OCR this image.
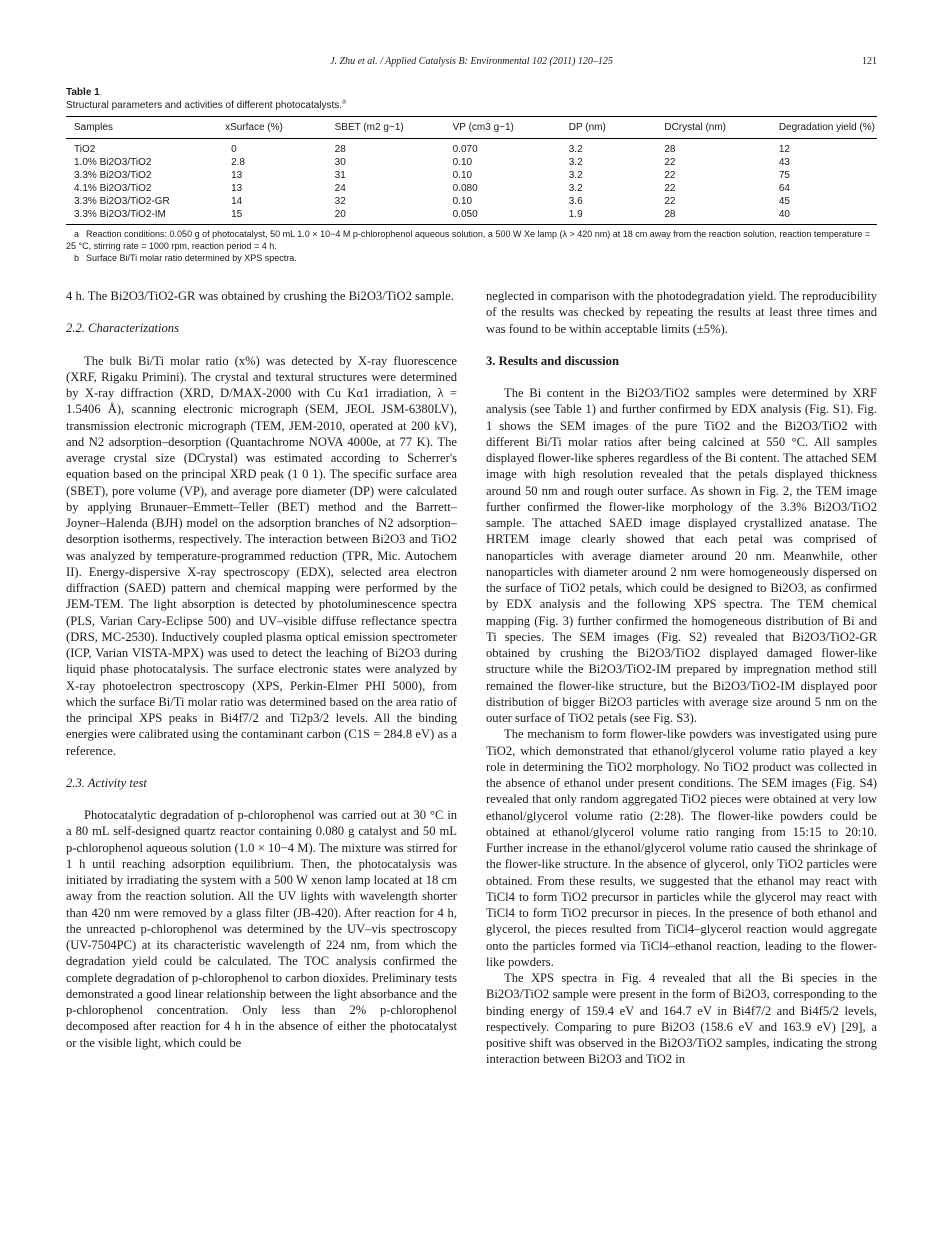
J. Zhu et al. / Applied Catalysis B: Environmental 102 (2011) 120–125	121
Table 1
Structural parameters and activities of different photocatalysts.$^a$
Samples	xSurface (%)	SBET (m2 g−1)	VP (cm3 g−1)	DP (nm)	DCrystal (nm)	Degradation yield (%)
TiO2	0	28	0.070	3.2	28	12
1.0% Bi2O3/TiO2	2.8	30	0.10	3.2	22	43
3.3% Bi2O3/TiO2	13	31	0.10	3.2	22	75
4.1% Bi2O3/TiO2	13	24	0.080	3.2	22	64
3.3% Bi2O3/TiO2-GR	14	32	0.10	3.6	22	45
3.3% Bi2O3/TiO2-IM	15	20	0.050	1.9	28	40

a Reaction conditions: 0.050 g of photocatalyst, 50 mL 1.0 × 10−4 M p-chlorophenol aqueous solution, a 500 W Xe lamp (λ > 420 nm) at 18 cm away from the reaction solution, reaction temperature = 25 °C, stirring rate = 1000 rpm, reaction period = 4 h.

b Surface Bi/Ti molar ratio determined by XPS spectra.

4 h. The Bi2O3/TiO2-GR was obtained by crushing the Bi2O3/TiO2 sample.

2.2. Characterizations

The bulk Bi/Ti molar ratio (x%) was detected by X-ray fluorescence (XRF, Rigaku Primini). The crystal and textural structures were determined by X-ray diffraction (XRD, D/MAX-2000 with Cu Kα1 irradiation, λ = 1.5406 Å), scanning electronic micrograph (SEM, JEOL JSM-6380LV), transmission electronic micrograph (TEM, JEM-2010, operated at 200 kV), and N2 adsorption–desorption (Quantachrome NOVA 4000e, at 77 K). The average crystal size (DCrystal) was estimated according to Scherrer's equation based on the principal XRD peak (1 0 1). The specific surface area (SBET), pore volume (VP), and average pore diameter (DP) were calculated by applying Brunauer–Emmett–Teller (BET) method and the Barrett–Joyner–Halenda (BJH) model on the adsorption branches of N2 adsorption–desorption isotherms, respectively. The interaction between Bi2O3 and TiO2 was analyzed by temperature-programmed reduction (TPR, Mic. Autochem II). Energy-dispersive X-ray spectroscopy (EDX), selected area electron diffraction (SAED) pattern and chemical mapping were performed by the JEM-TEM. The light absorption is detected by photoluminescence spectra (PLS, Varian Cary-Eclipse 500) and UV–visible diffuse reflectance spectra (DRS, MC-2530). Inductively coupled plasma optical emission spectrometer (ICP, Varian VISTA-MPX) was used to detect the leaching of Bi2O3 during liquid phase photocatalysis. The surface electronic states were analyzed by X-ray photoelectron spectroscopy (XPS, Perkin-Elmer PHI 5000), from which the surface Bi/Ti molar ratio was determined based on the area ratio of the principal XPS peaks in Bi4f7/2 and Ti2p3/2 levels. All the binding energies were calibrated using the contaminant carbon (C1S = 284.8 eV) as a reference.

2.3. Activity test

Photocatalytic degradation of p-chlorophenol was carried out at 30 °C in a 80 mL self-designed quartz reactor containing 0.080 g catalyst and 50 mL p-chlorophenol aqueous solution (1.0 × 10−4 M). The mixture was stirred for 1 h until reaching adsorption equilibrium. Then, the photocatalysis was initiated by irradiating the system with a 500 W xenon lamp located at 18 cm away from the reaction solution. All the UV lights with wavelength shorter than 420 nm were removed by a glass filter (JB-420). After reaction for 4 h, the unreacted p-chlorophenol was determined by the UV–vis spectroscopy (UV-7504PC) at its characteristic wavelength of 224 nm, from which the degradation yield could be calculated. The TOC analysis confirmed the complete degradation of p-chlorophenol to carbon dioxides. Preliminary tests demonstrated a good linear relationship between the light absorbance and the p-chlorophenol concentration. Only less than 2% p-chlorophenol decomposed after reaction for 4 h in the absence of either the photocatalyst or the visible light, which could be

neglected in comparison with the photodegradation yield. The reproducibility of the results was checked by repeating the results at least three times and was found to be within acceptable limits (±5%).

3. Results and discussion

The Bi content in the Bi2O3/TiO2 samples were determined by XRF analysis (see Table 1) and further confirmed by EDX analysis (Fig. S1). Fig. 1 shows the SEM images of the pure TiO2 and the Bi2O3/TiO2 with different Bi/Ti molar ratios after being calcined at 550 °C. All samples displayed flower-like spheres regardless of the Bi content. The attached SEM image with high resolution revealed that the petals displayed thickness around 50 nm and rough outer surface. As shown in Fig. 2, the TEM image further confirmed the flower-like morphology of the 3.3% Bi2O3/TiO2 sample. The attached SAED image displayed crystallized anatase. The HRTEM image clearly showed that each petal was comprised of nanoparticles with average diameter around 20 nm. Meanwhile, other nanoparticles with diameter around 2 nm were homogeneously dispersed on the surface of TiO2 petals, which could be designed to Bi2O3, as confirmed by EDX analysis and the following XPS spectra. The TEM chemical mapping (Fig. 3) further confirmed the homogeneous distribution of Bi and Ti species. The SEM images (Fig. S2) revealed that Bi2O3/TiO2-GR obtained by crushing the Bi2O3/TiO2 displayed damaged flower-like structure while the Bi2O3/TiO2-IM prepared by impregnation method still remained the flower-like structure, but the Bi2O3/TiO2-IM displayed poor distribution of bigger Bi2O3 particles with average size around 5 nm on the outer surface of TiO2 petals (see Fig. S3).

The mechanism to form flower-like powders was investigated using pure TiO2, which demonstrated that ethanol/glycerol volume ratio played a key role in determining the TiO2 morphology. No TiO2 product was collected in the absence of ethanol under present conditions. The SEM images (Fig. S4) revealed that only random aggregated TiO2 pieces were obtained at very low ethanol/glycerol volume ratio (2:28). The flower-like powders could be obtained at ethanol/glycerol volume ratio ranging from 15:15 to 20:10. Further increase in the ethanol/glycerol volume ratio caused the shrinkage of the flower-like structure. In the absence of glycerol, only TiO2 particles were obtained. From these results, we suggested that the ethanol may react with TiCl4 to form TiO2 precursor in particles while the glycerol may react with TiCl4 to form TiO2 precursor in pieces. In the presence of both ethanol and glycerol, the pieces resulted from TiCl4–glycerol reaction would aggregate onto the particles formed via TiCl4–ethanol reaction, leading to the flower-like powders.

The XPS spectra in Fig. 4 revealed that all the Bi species in the Bi2O3/TiO2 sample were present in the form of Bi2O3, corresponding to the binding energy of 159.4 eV and 164.7 eV in Bi4f7/2 and Bi4f5/2 levels, respectively. Comparing to pure Bi2O3 (158.6 eV and 163.9 eV) [29], a positive shift was observed in the Bi2O3/TiO2 samples, indicating the strong interaction between Bi2O3 and TiO2 in
